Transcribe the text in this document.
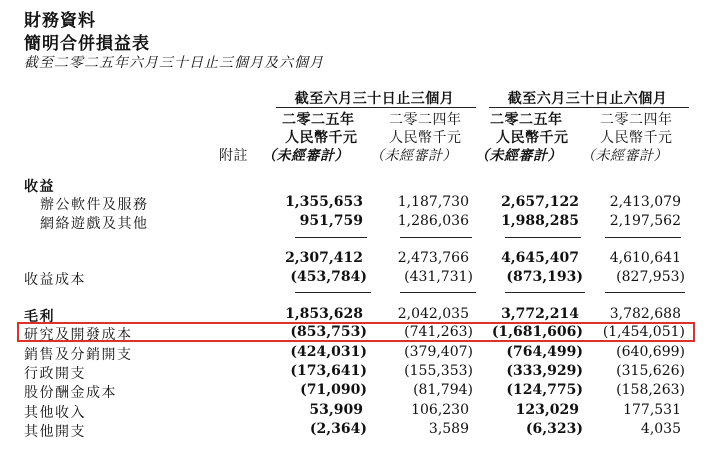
財務資料
簡明合併損益表
截至二零二五年六月三十日止三個月及六個月
截至六月三十日止三個月	截至六月三十日止六個月
二零二五年 二零二四年 二零二五年	二零二四年
人民幣千元 人民幣千元 人民幣千元 人民幣千元
附註 （未經審計） （未經審計） （未經審計） （未經審計）
收益
辦公軟件及服務	1,355,653	1,187,730	2,657,122	2,413,079
網絡遊戲及其他	951,759	1,286,036	1,988,285	2,197,562
2,307,412	2,473,766	4,645,407	4,610,641
收益成本	(453,784)	(431,731)	(873,193)	(827,953)
毛利	1,853,628	2,042,035	3,772,214	3,782,688
研究及開發成本	(853,753)	(741,263)	(1,681,606)	(1,454,051)
銷售及分銷開支	(424,031)	(379,407)	(764,499)	(640,699)
行政開支	(173,641)	(155,353)	(333,929)	(315,626)
股份酬金成本	(71,090)	(81,794)	(124,775)	(158,263)
其他收入	53,909	106,230	123,029	177,531
其他開支	(2,364)	3,589	(6,323)	4,035
